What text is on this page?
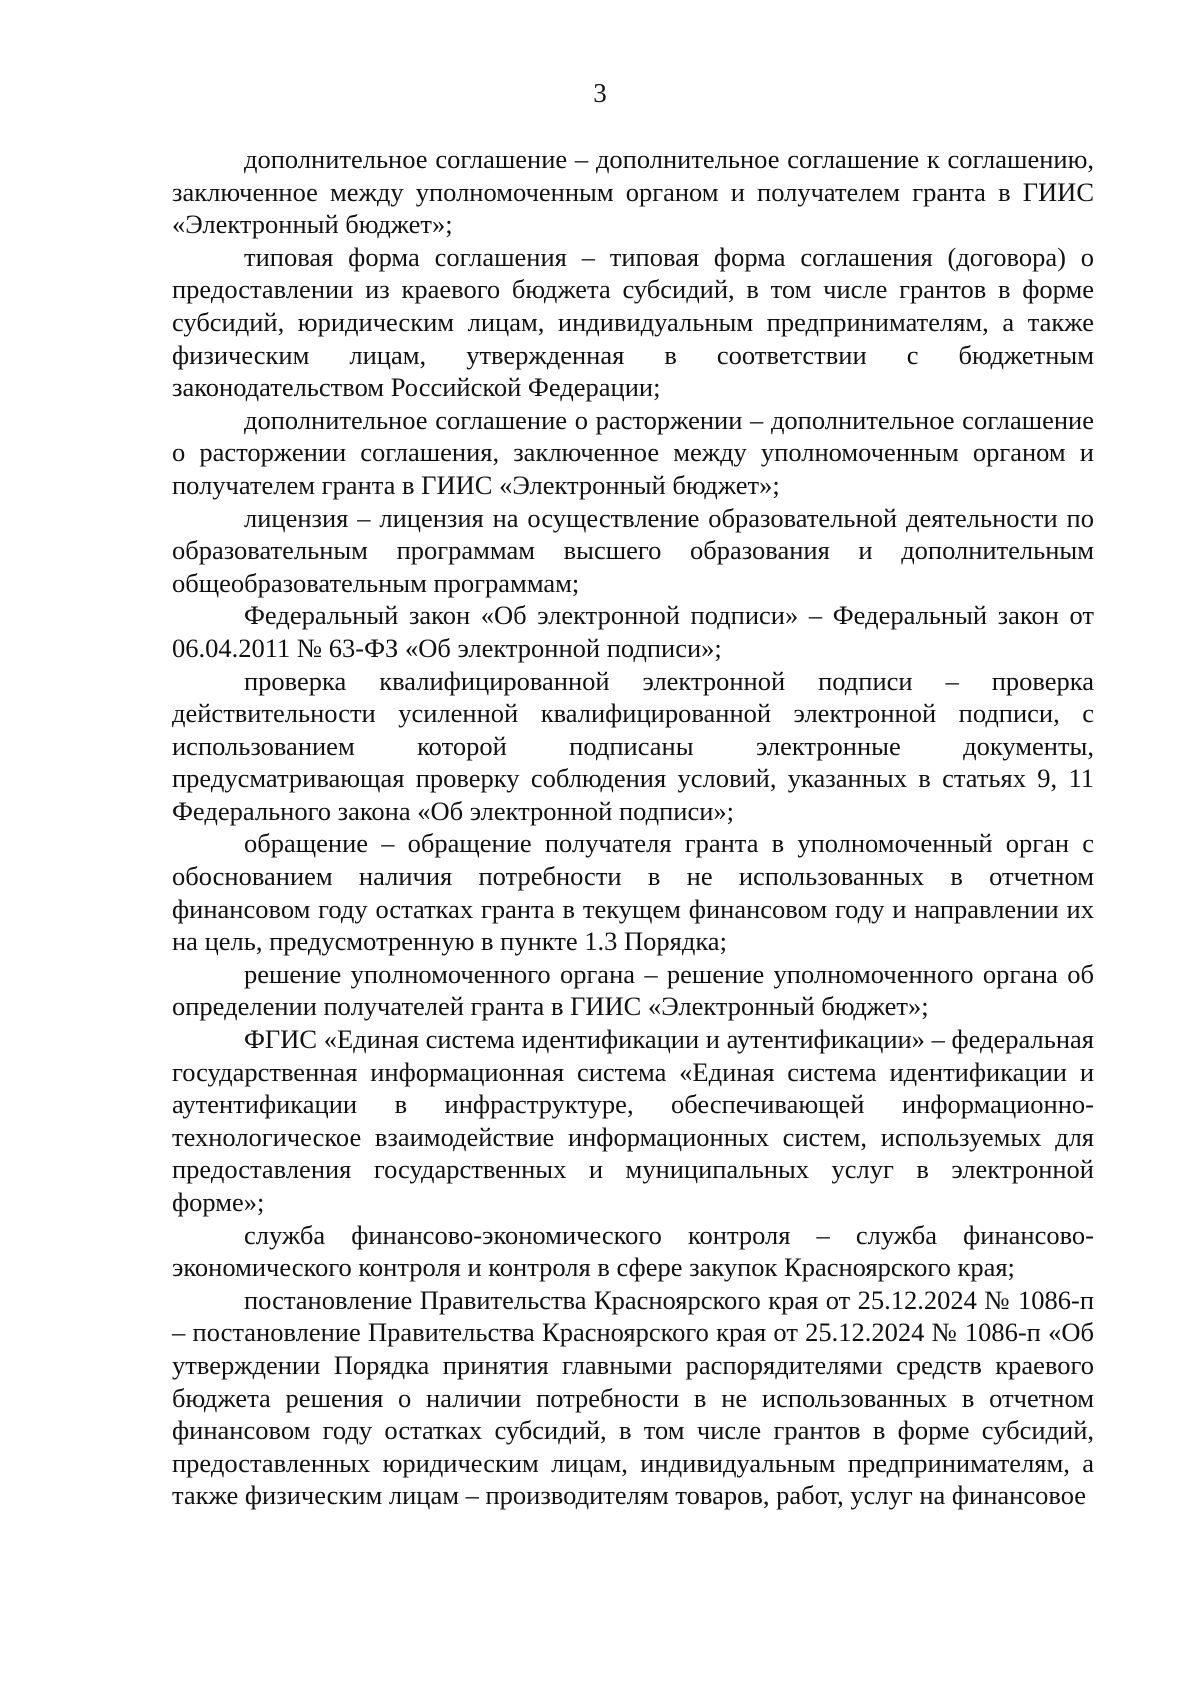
3

дополнительное соглашение – дополнительное соглашение к соглашению, заключенное между уполномоченным органом и получателем гранта в ГИИС «Электронный бюджет»;

типовая форма соглашения – типовая форма соглашения (договора) о предоставлении из краевого бюджета субсидий, в том числе грантов в форме субсидий, юридическим лицам, индивидуальным предпринимателям, а также физическим лицам, утвержденная в соответствии с бюджетным законодательством Российской Федерации;

дополнительное соглашение о расторжении – дополнительное соглашение о расторжении соглашения, заключенное между уполномоченным органом и получателем гранта в ГИИС «Электронный бюджет»;

лицензия – лицензия на осуществление образовательной деятельности по образовательным программам высшего образования и дополнительным общеобразовательным программам;

Федеральный закон «Об электронной подписи» – Федеральный закон от 06.04.2011 № 63-ФЗ «Об электронной подписи»;

проверка квалифицированной электронной подписи – проверка действительности усиленной квалифицированной электронной подписи, с использованием которой подписаны электронные документы, предусматривающая проверку соблюдения условий, указанных в статьях 9, 11 Федерального закона «Об электронной подписи»;

обращение – обращение получателя гранта в уполномоченный орган с обоснованием наличия потребности в не использованных в отчетном финансовом году остатках гранта в текущем финансовом году и направлении их на цель, предусмотренную в пункте 1.3 Порядка;

решение уполномоченного органа – решение уполномоченного органа об определении получателей гранта в ГИИС «Электронный бюджет»;

ФГИС «Единая система идентификации и аутентификации» – федеральная государственная информационная система «Единая система идентификации и аутентификации в инфраструктуре, обеспечивающей информационно-технологическое взаимодействие информационных систем, используемых для предоставления государственных и муниципальных услуг в электронной форме»;

служба финансово-экономического контроля – служба финансово-экономического контроля и контроля в сфере закупок Красноярского края;

постановление Правительства Красноярского края от 25.12.2024 № 1086-п – постановление Правительства Красноярского края от 25.12.2024 № 1086-п «Об утверждении Порядка принятия главными распорядителями средств краевого бюджета решения о наличии потребности в не использованных в отчетном финансовом году остатках субсидий, в том числе грантов в форме субсидий, предоставленных юридическим лицам, индивидуальным предпринимателям, а также физическим лицам – производителям товаров, работ, услуг на финансовое
